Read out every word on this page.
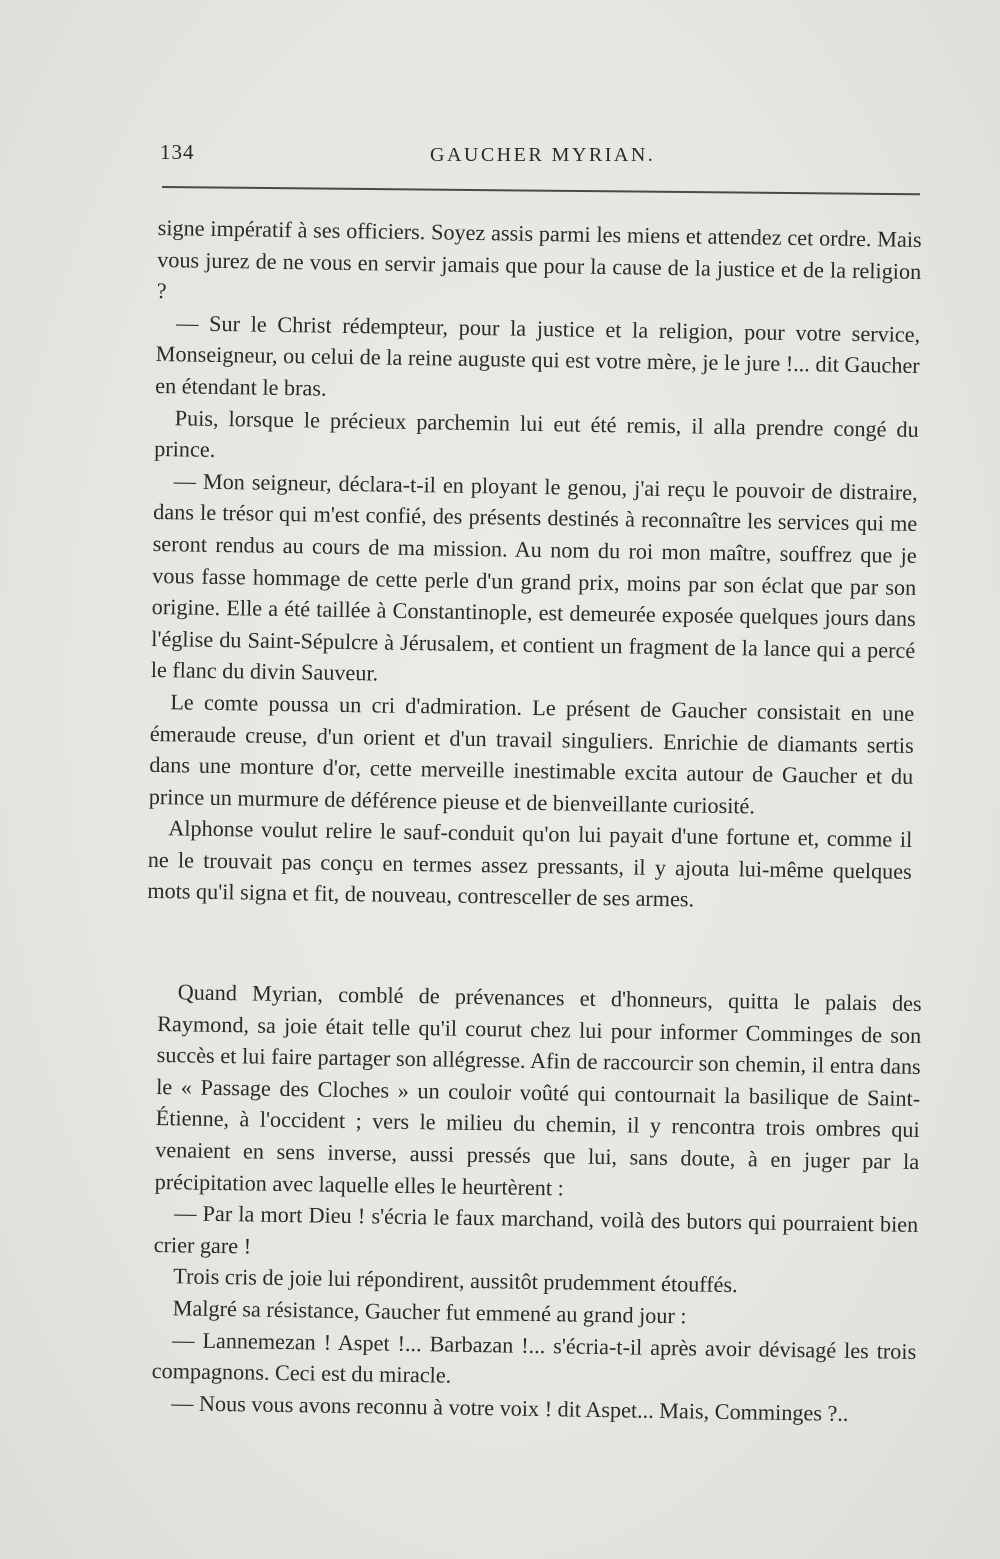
134	GAUCHER MYRIAN.

signe impératif à ses officiers. Soyez assis parmi les miens et attendez cet ordre. Mais vous jurez de ne vous en servir jamais que pour la cause de la justice et de la religion ?

— Sur le Christ rédempteur, pour la justice et la religion, pour votre service, Monseigneur, ou celui de la reine auguste qui est votre mère, je le jure !... dit Gaucher en étendant le bras.

Puis, lorsque le précieux parchemin lui eut été remis, il alla prendre congé du prince.

— Mon seigneur, déclara-t-il en ployant le genou, j'ai reçu le pouvoir de distraire, dans le trésor qui m'est confié, des présents destinés à reconnaître les services qui me seront rendus au cours de ma mission. Au nom du roi mon maître, souffrez que je vous fasse hommage de cette perle d'un grand prix, moins par son éclat que par son origine. Elle a été taillée à Constantinople, est demeurée exposée quelques jours dans l'église du Saint-Sépulcre à Jérusalem, et contient un fragment de la lance qui a percé le flanc du divin Sauveur.

Le comte poussa un cri d'admiration. Le présent de Gaucher consistait en une émeraude creuse, d'un orient et d'un travail singuliers. Enrichie de diamants sertis dans une monture d'or, cette merveille inestimable excita autour de Gaucher et du prince un murmure de déférence pieuse et de bienveillante curiosité.

Alphonse voulut relire le sauf-conduit qu'on lui payait d'une fortune et, comme il ne le trouvait pas conçu en termes assez pressants, il y ajouta lui-même quelques mots qu'il signa et fit, de nouveau, contresceller de ses armes.

Quand Myrian, comblé de prévenances et d'honneurs, quitta le palais des Raymond, sa joie était telle qu'il courut chez lui pour informer Comminges de son succès et lui faire partager son allégresse. Afin de raccourcir son chemin, il entra dans le « Passage des Cloches » un couloir voûté qui contournait la basilique de Saint-Étienne, à l'occident ; vers le milieu du chemin, il y rencontra trois ombres qui venaient en sens inverse, aussi pressés que lui, sans doute, à en juger par la précipitation avec laquelle elles le heurtèrent :

— Par la mort Dieu ! s'écria le faux marchand, voilà des butors qui pourraient bien crier gare !

Trois cris de joie lui répondirent, aussitôt prudemment étouffés.

Malgré sa résistance, Gaucher fut emmené au grand jour :

— Lannemezan ! Aspet !... Barbazan !... s'écria-t-il après avoir dévisagé les trois compagnons. Ceci est du miracle.

— Nous vous avons reconnu à votre voix ! dit Aspet... Mais, Comminges ?..
